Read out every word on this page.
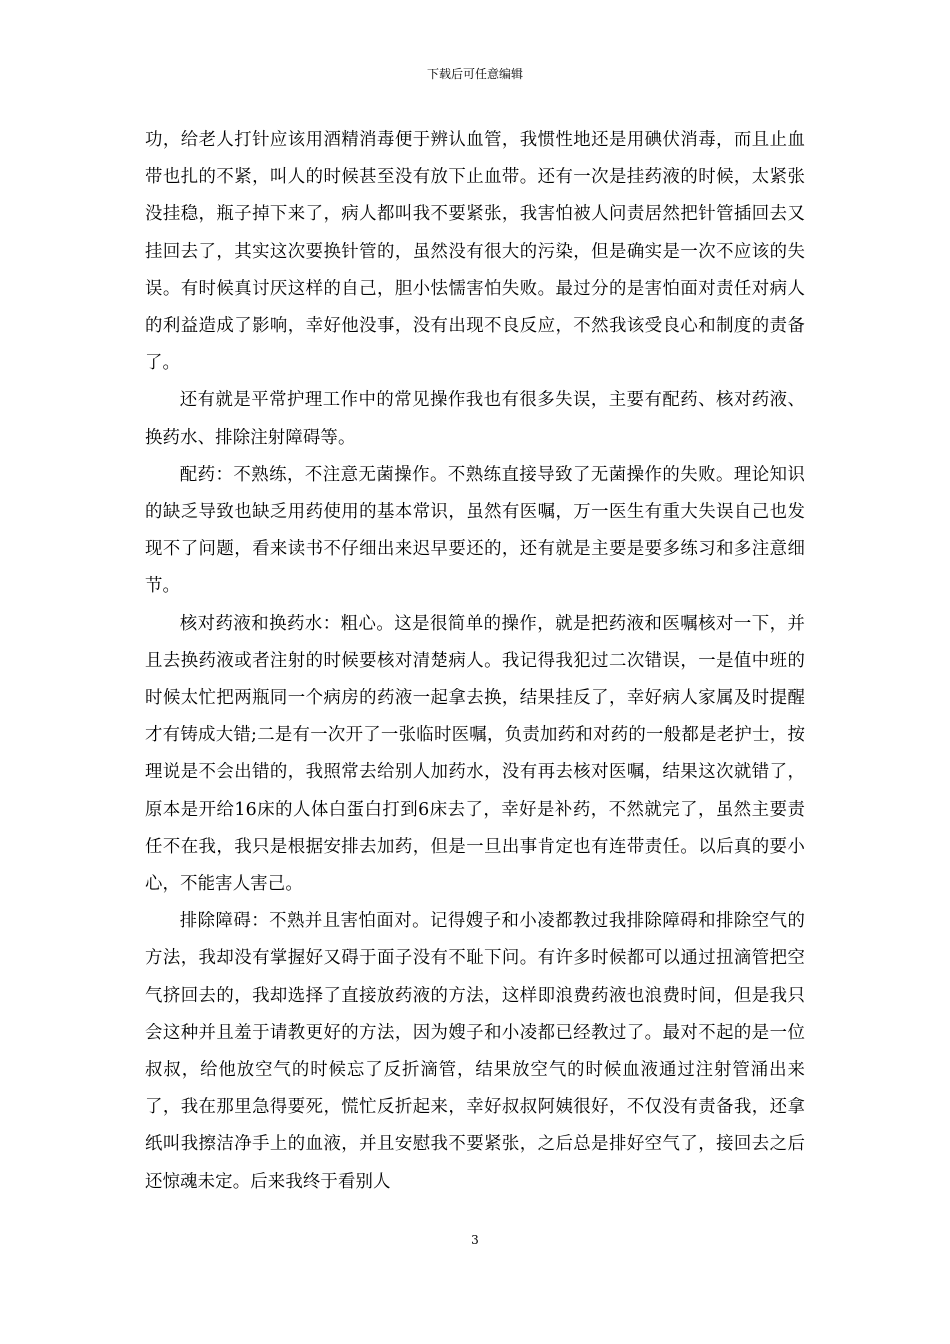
下载后可任意编辑

功，给老人打针应该用酒精消毒便于辨认血管，我惯性地还是用碘伏消毒，而且止血带也扎的不紧，叫人的时候甚至没有放下止血带。还有一次是挂药液的时候，太紧张没挂稳，瓶子掉下来了，病人都叫我不要紧张，我害怕被人问责居然把针管插回去又挂回去了，其实这次要换针管的，虽然没有很大的污染，但是确实是一次不应该的失误。有时候真讨厌这样的自己，胆小怯懦害怕失败。最过分的是害怕面对责任对病人的利益造成了影响，幸好他没事，没有出现不良反应，不然我该受良心和制度的责备了。

还有就是平常护理工作中的常见操作我也有很多失误，主要有配药、核对药液、换药水、排除注射障碍等。

配药：不熟练，不注意无菌操作。不熟练直接导致了无菌操作的失败。理论知识的缺乏导致也缺乏用药使用的基本常识，虽然有医嘱，万一医生有重大失误自己也发现不了问题，看来读书不仔细出来迟早要还的，还有就是主要是要多练习和多注意细节。

核对药液和换药水：粗心。这是很简单的操作，就是把药液和医嘱核对一下，并且去换药液或者注射的时候要核对清楚病人。我记得我犯过二次错误，一是值中班的时候太忙把两瓶同一个病房的药液一起拿去换，结果挂反了，幸好病人家属及时提醒才有铸成大错;二是有一次开了一张临时医嘱，负责加药和对药的一般都是老护士，按理说是不会出错的，我照常去给别人加药水，没有再去核对医嘱，结果这次就错了，原本是开给16床的人体白蛋白打到6床去了，幸好是补药，不然就完了，虽然主要责任不在我，我只是根据安排去加药，但是一旦出事肯定也有连带责任。以后真的要小心，不能害人害己。

排除障碍：不熟并且害怕面对。记得嫂子和小凌都教过我排除障碍和排除空气的方法，我却没有掌握好又碍于面子没有不耻下问。有许多时候都可以通过扭滴管把空气挤回去的，我却选择了直接放药液的方法，这样即浪费药液也浪费时间，但是我只会这种并且羞于请教更好的方法，因为嫂子和小凌都已经教过了。最对不起的是一位叔叔，给他放空气的时候忘了反折滴管，结果放空气的时候血液通过注射管涌出来了，我在那里急得要死，慌忙反折起来，幸好叔叔阿姨很好，不仅没有责备我，还拿纸叫我擦洁净手上的血液，并且安慰我不要紧张，之后总是排好空气了，接回去之后还惊魂未定。后来我终于看别人

3
